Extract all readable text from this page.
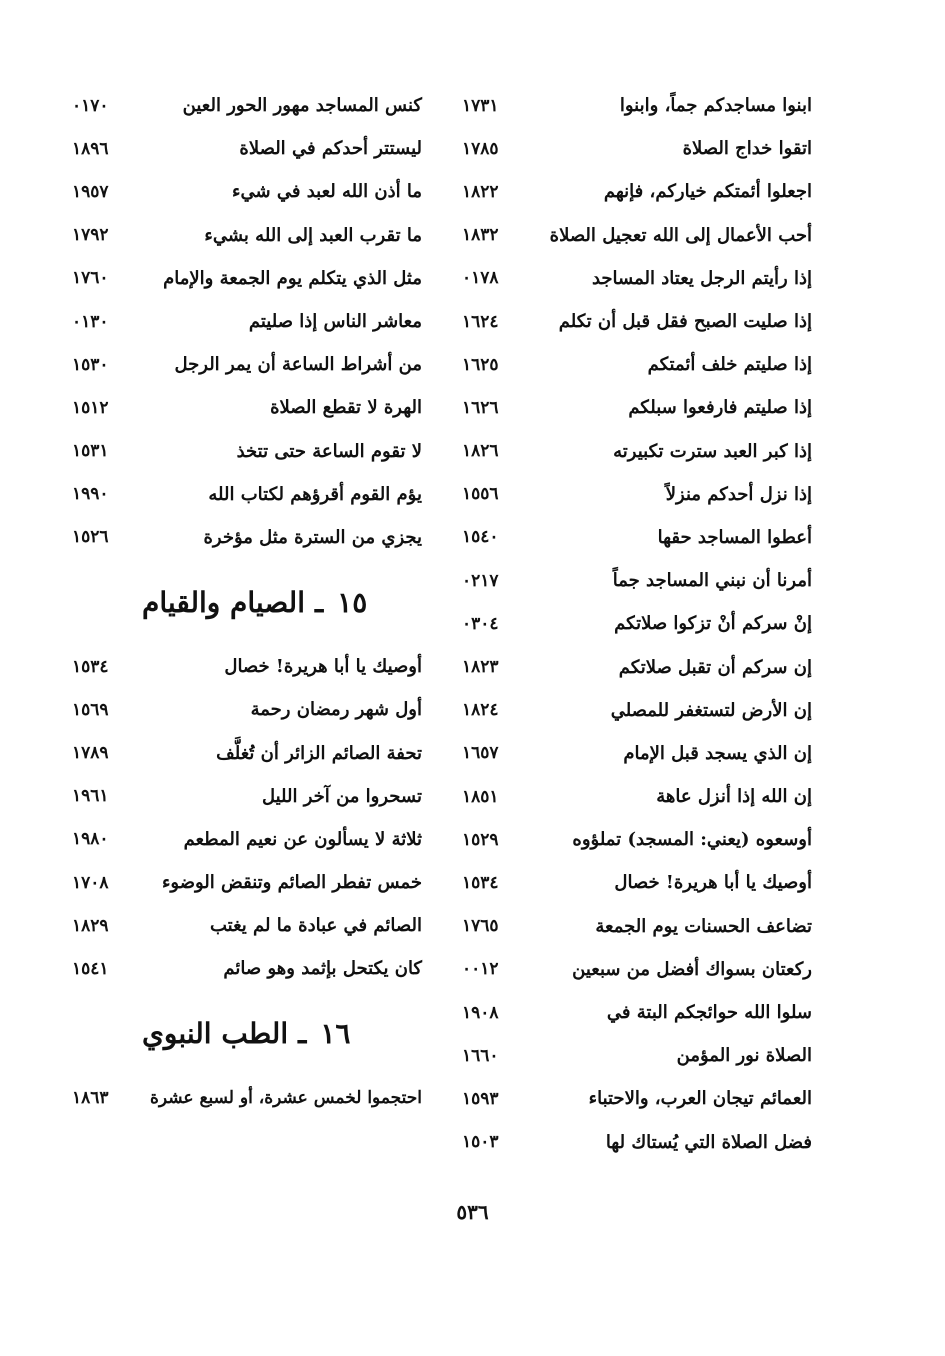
ابنوا مساجدكم جماً، وابنوا
١٧٣١
اتقوا خداج الصلاة
١٧٨٥
اجعلوا أئمتكم خياركم، فإنهم
١٨٢٢
أحب الأعمال إلى الله تعجيل الصلاة
١٨٣٢
إذا رأيتم الرجل يعتاد المساجد
٠١٧٨
إذا صليت الصبح فقل قبل أن تكلم
١٦٢٤
إذا صليتم خلف أئمتكم
١٦٢٥
إذا صليتم فارفعوا سبلكم
١٦٢٦
إذا كبر العبد سترت تكبيرته
١٨٢٦
إذا نزل أحدكم منزلاً
١٥٥٦
أعطوا المساجد حقها
١٥٤٠
أمرنا أن نبني المساجد جماً
٠٢١٧
إنْ سركم أنْ تزكوا صلاتكم
٠٣٠٤
إن سركم أن تقبل صلاتكم
١٨٢٣
إن الأرض لتستغفر للمصلي
١٨٢٤
إن الذي يسجد قبل الإمام
١٦٥٧
إن الله إذا أنزل عاهة
١٨٥١
أوسعوه (يعني: المسجد) تملؤوه
١٥٢٩
أوصيك يا أبا هريرة! خصال
١٥٣٤
تضاعف الحسنات يوم الجمعة
١٧٦٥
ركعتان بسواك أفضل من سبعين
٠٠١٢
سلوا الله حوائجكم البتة في
١٩٠٨
الصلاة نور المؤمن
١٦٦٠
العمائم تيجان العرب، والاحتباء
١٥٩٣
فضل الصلاة التي يُستاك لها
١٥٠٣
كنس المساجد مهور الحور العين
٠١٧٠
ليستتر أحدكم في الصلاة
١٨٩٦
ما أذن الله لعبد في شيء
١٩٥٧
ما تقرب العبد إلى الله بشيء
١٧٩٢
مثل الذي يتكلم يوم الجمعة والإمام
١٧٦٠
معاشر الناس إذا صليتم
٠١٣٠
من أشراط الساعة أن يمر الرجل
١٥٣٠
الهرة لا تقطع الصلاة
١٥١٢
لا تقوم الساعة حتى تتخذ
١٥٣١
يؤم القوم أقرؤهم لكتاب الله
١٩٩٠
يجزي من السترة مثل مؤخرة
١٥٢٦
١٥
ـ
الصيام والقيام
أوصيك يا أبا هريرة! خصال
١٥٣٤
أول شهر رمضان رحمة
١٥٦٩
تحفة الصائم الزائر أن تُغلَّف
١٧٨٩
تسحروا من آخر الليل
١٩٦١
ثلاثة لا يسألون عن نعيم المطعم
١٩٨٠
خمس تفطر الصائم وتنقض الوضوء
١٧٠٨
الصائم في عبادة ما لم يغتب
١٨٢٩
كان يكتحل بإثمد وهو صائم
١٥٤١
١٦
ـ
الطب النبوي
احتجموا لخمس عشرة، أو لسبع عشرة
١٨٦٣
٥٣٦
